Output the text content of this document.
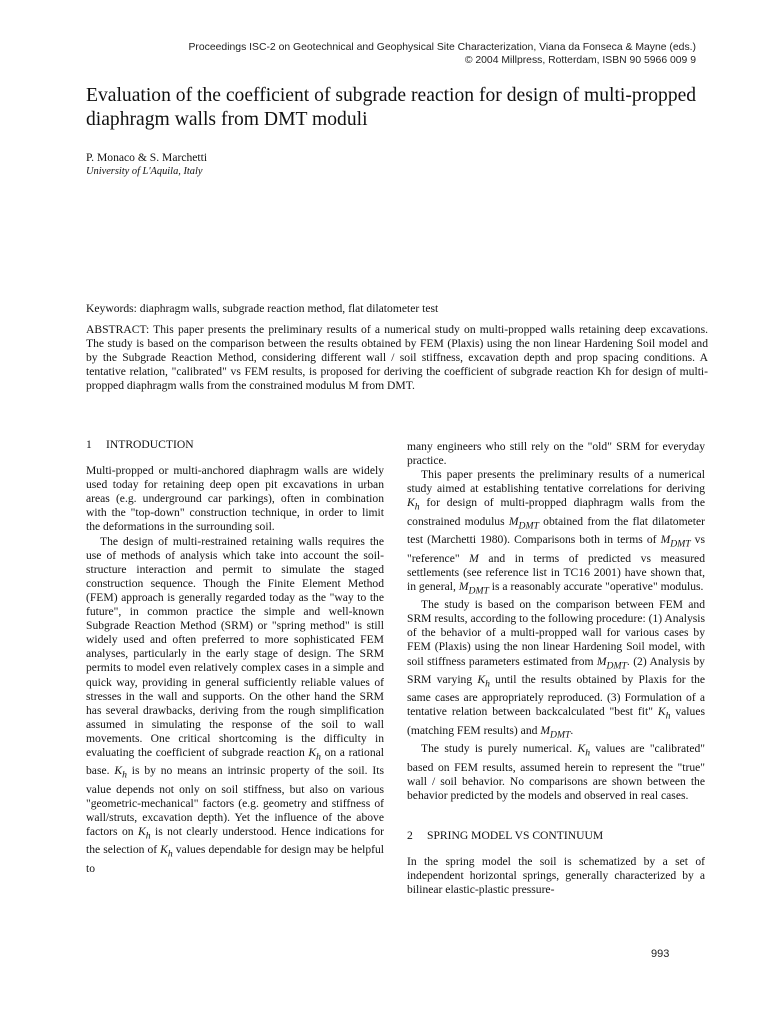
Proceedings ISC-2 on Geotechnical and Geophysical Site Characterization, Viana da Fonseca & Mayne (eds.)
© 2004 Millpress, Rotterdam, ISBN 90 5966 009 9
Evaluation of the coefficient of subgrade reaction for design of multi-propped diaphragm walls from DMT moduli
P. Monaco & S. Marchetti
University of L'Aquila, Italy
Keywords: diaphragm walls, subgrade reaction method, flat dilatometer test
ABSTRACT: This paper presents the preliminary results of a numerical study on multi-propped walls retaining deep excavations. The study is based on the comparison between the results obtained by FEM (Plaxis) using the non linear Hardening Soil model and by the Subgrade Reaction Method, considering different wall / soil stiffness, excavation depth and prop spacing conditions. A tentative relation, "calibrated" vs FEM results, is proposed for deriving the coefficient of subgrade reaction Kh for design of multi-propped diaphragm walls from the constrained modulus M from DMT.
1 INTRODUCTION

Multi-propped or multi-anchored diaphragm walls are widely used today for retaining deep open pit excavations in urban areas (e.g. underground car parkings), often in combination with the "top-down" construction technique, in order to limit the deformations in the surrounding soil.

The design of multi-restrained retaining walls requires the use of methods of analysis which take into account the soil-structure interaction and permit to simulate the staged construction sequence. Though the Finite Element Method (FEM) approach is generally regarded today as the "way to the future", in common practice the simple and well-known Subgrade Reaction Method (SRM) or "spring method" is still widely used and often preferred to more sophisticated FEM analyses, particularly in the early stage of design. The SRM permits to model even relatively complex cases in a simple and quick way, providing in general sufficiently reliable values of stresses in the wall and supports. On the other hand the SRM has several drawbacks, deriving from the rough simplification assumed in simulating the response of the soil to wall movements. One critical shortcoming is the difficulty in evaluating the coefficient of subgrade reaction $K_h$ on a rational base. $K_h$ is by no means an intrinsic property of the soil. Its value depends not only on soil stiffness, but also on various "geometric-mechanical" factors (e.g. geometry and stiffness of wall/struts, excavation depth). Yet the influence of the above factors on $K_h$ is not clearly understood. Hence indications for the selection of $K_h$ values dependable for design may be helpful to

many engineers who still rely on the "old" SRM for everyday practice.

This paper presents the preliminary results of a numerical study aimed at establishing tentative correlations for deriving $K_h$ for design of multi-propped diaphragm walls from the constrained modulus $M_{DMT}$ obtained from the flat dilatometer test (Marchetti 1980). Comparisons both in terms of $M_{DMT}$ vs "reference" M and in terms of predicted vs measured settlements (see reference list in TC16 2001) have shown that, in general, $M_{DMT}$ is a reasonably accurate "operative" modulus.

The study is based on the comparison between FEM and SRM results, according to the following procedure: (1) Analysis of the behavior of a multi-propped wall for various cases by FEM (Plaxis) using the non linear Hardening Soil model, with soil stiffness parameters estimated from $M_{DMT}$. (2) Analysis by SRM varying $K_h$ until the results obtained by Plaxis for the same cases are appropriately reproduced. (3) Formulation of a tentative relation between backcalculated "best fit" $K_h$ values (matching FEM results) and $M_{DMT}$.

The study is purely numerical. $K_h$ values are "calibrated" based on FEM results, assumed herein to represent the "true" wall / soil behavior. No comparisons are shown between the behavior predicted by the models and observed in real cases.

2 SPRING MODEL VS CONTINUUM

In the spring model the soil is schematized by a set of independent horizontal springs, generally characterized by a bilinear elastic-plastic pressure-

993
